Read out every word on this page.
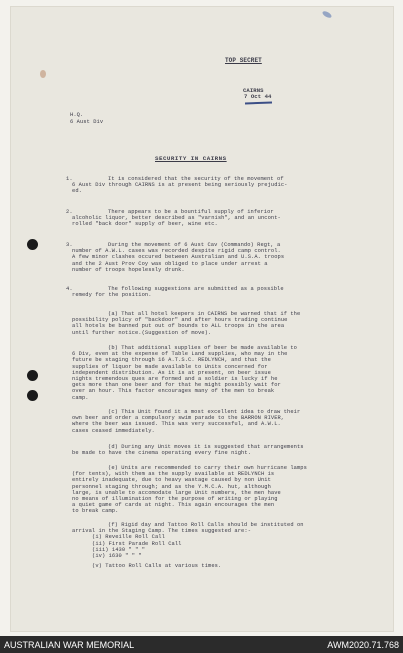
TOP SECRET
CAIRNS
7 Oct 44
H.Q.
6 Aust Div
SECURITY IN CAIRNS
1.	It is considered that the security of the movement of
6 Aust Div through CAIRNS is at present being seriously prejudic-
ed.
2.	There appears to be a bountiful supply of inferior
alcoholic liquor, better described as "varnish", and an uncont-
rolled "back door" supply of beer, wine etc.
3.	During the movement of 6 Aust Cav (Commando) Regt, a
number of A.W.L. cases was recorded despite rigid camp control.
A few minor clashes occured between Australian and U.S.A. troops
and the 2 Aust Prov Coy was obliged to place under arrest a
number of troops hopelessly drunk.
4.	The following suggestions are submitted as a possible
remedy for the position.
(a) That all hotel keepers in CAIRNS be warned that if the
possibility policy of "backdoor" and after hours trading continue
all hotels be banned put out of bounds to ALL troops in the area
until further notice.(Suggestion of move).
(b) That additional supplies of beer be made available to
6 Div, even at the expense of Table Land supplies, who may in the
future be staging through 16 A.T.S.C. REDLYNCH, and that the
supplies of liquor be made available to Units concerned for
independent distribution. As it is at present, on beer issue
nights tremendous ques are formed and a soldier is lucky if he
gets more than one beer and for that he might possibly wait for
over an hour. This factor encourages many of the men to break
camp.
(c) This Unit found it a most excellent idea to draw their
own beer and order a compulsory swim parade to the BARRON RIVER,
where the beer was issued. This was very successful, and A.W.L.
cases ceased immediately.
(d) During any Unit moves it is suggested that arrangements
be made to have the cinema operating every fine night.
(e) Units are recommended to carry their own hurricane lamps
(for tents), with them as the supply available at REDLYNCH is
entirely inadequate, due to heavy wastage caused by non Unit
personnel staging through; and as the Y.M.C.A. hut, although
large, is unable to accomodate large Unit numbers, the men have
no means of illumination for the purpose of writing or playing
a quiet game of cards at night. This again encourages the men
to break camp.
(f) Rigid day and Tattoo Roll Calls should be instituted on
arrival in the Staging Camp. The times suggested are:-
(i) Reveille Roll Call
(ii) First Parade Roll Call
(iii) 1430 " " "
(iv) 1630 " " "
(v) Tattoo Roll Calls at various times.
AUSTRALIAN WAR MEMORIAL	AWM2020.71.768
